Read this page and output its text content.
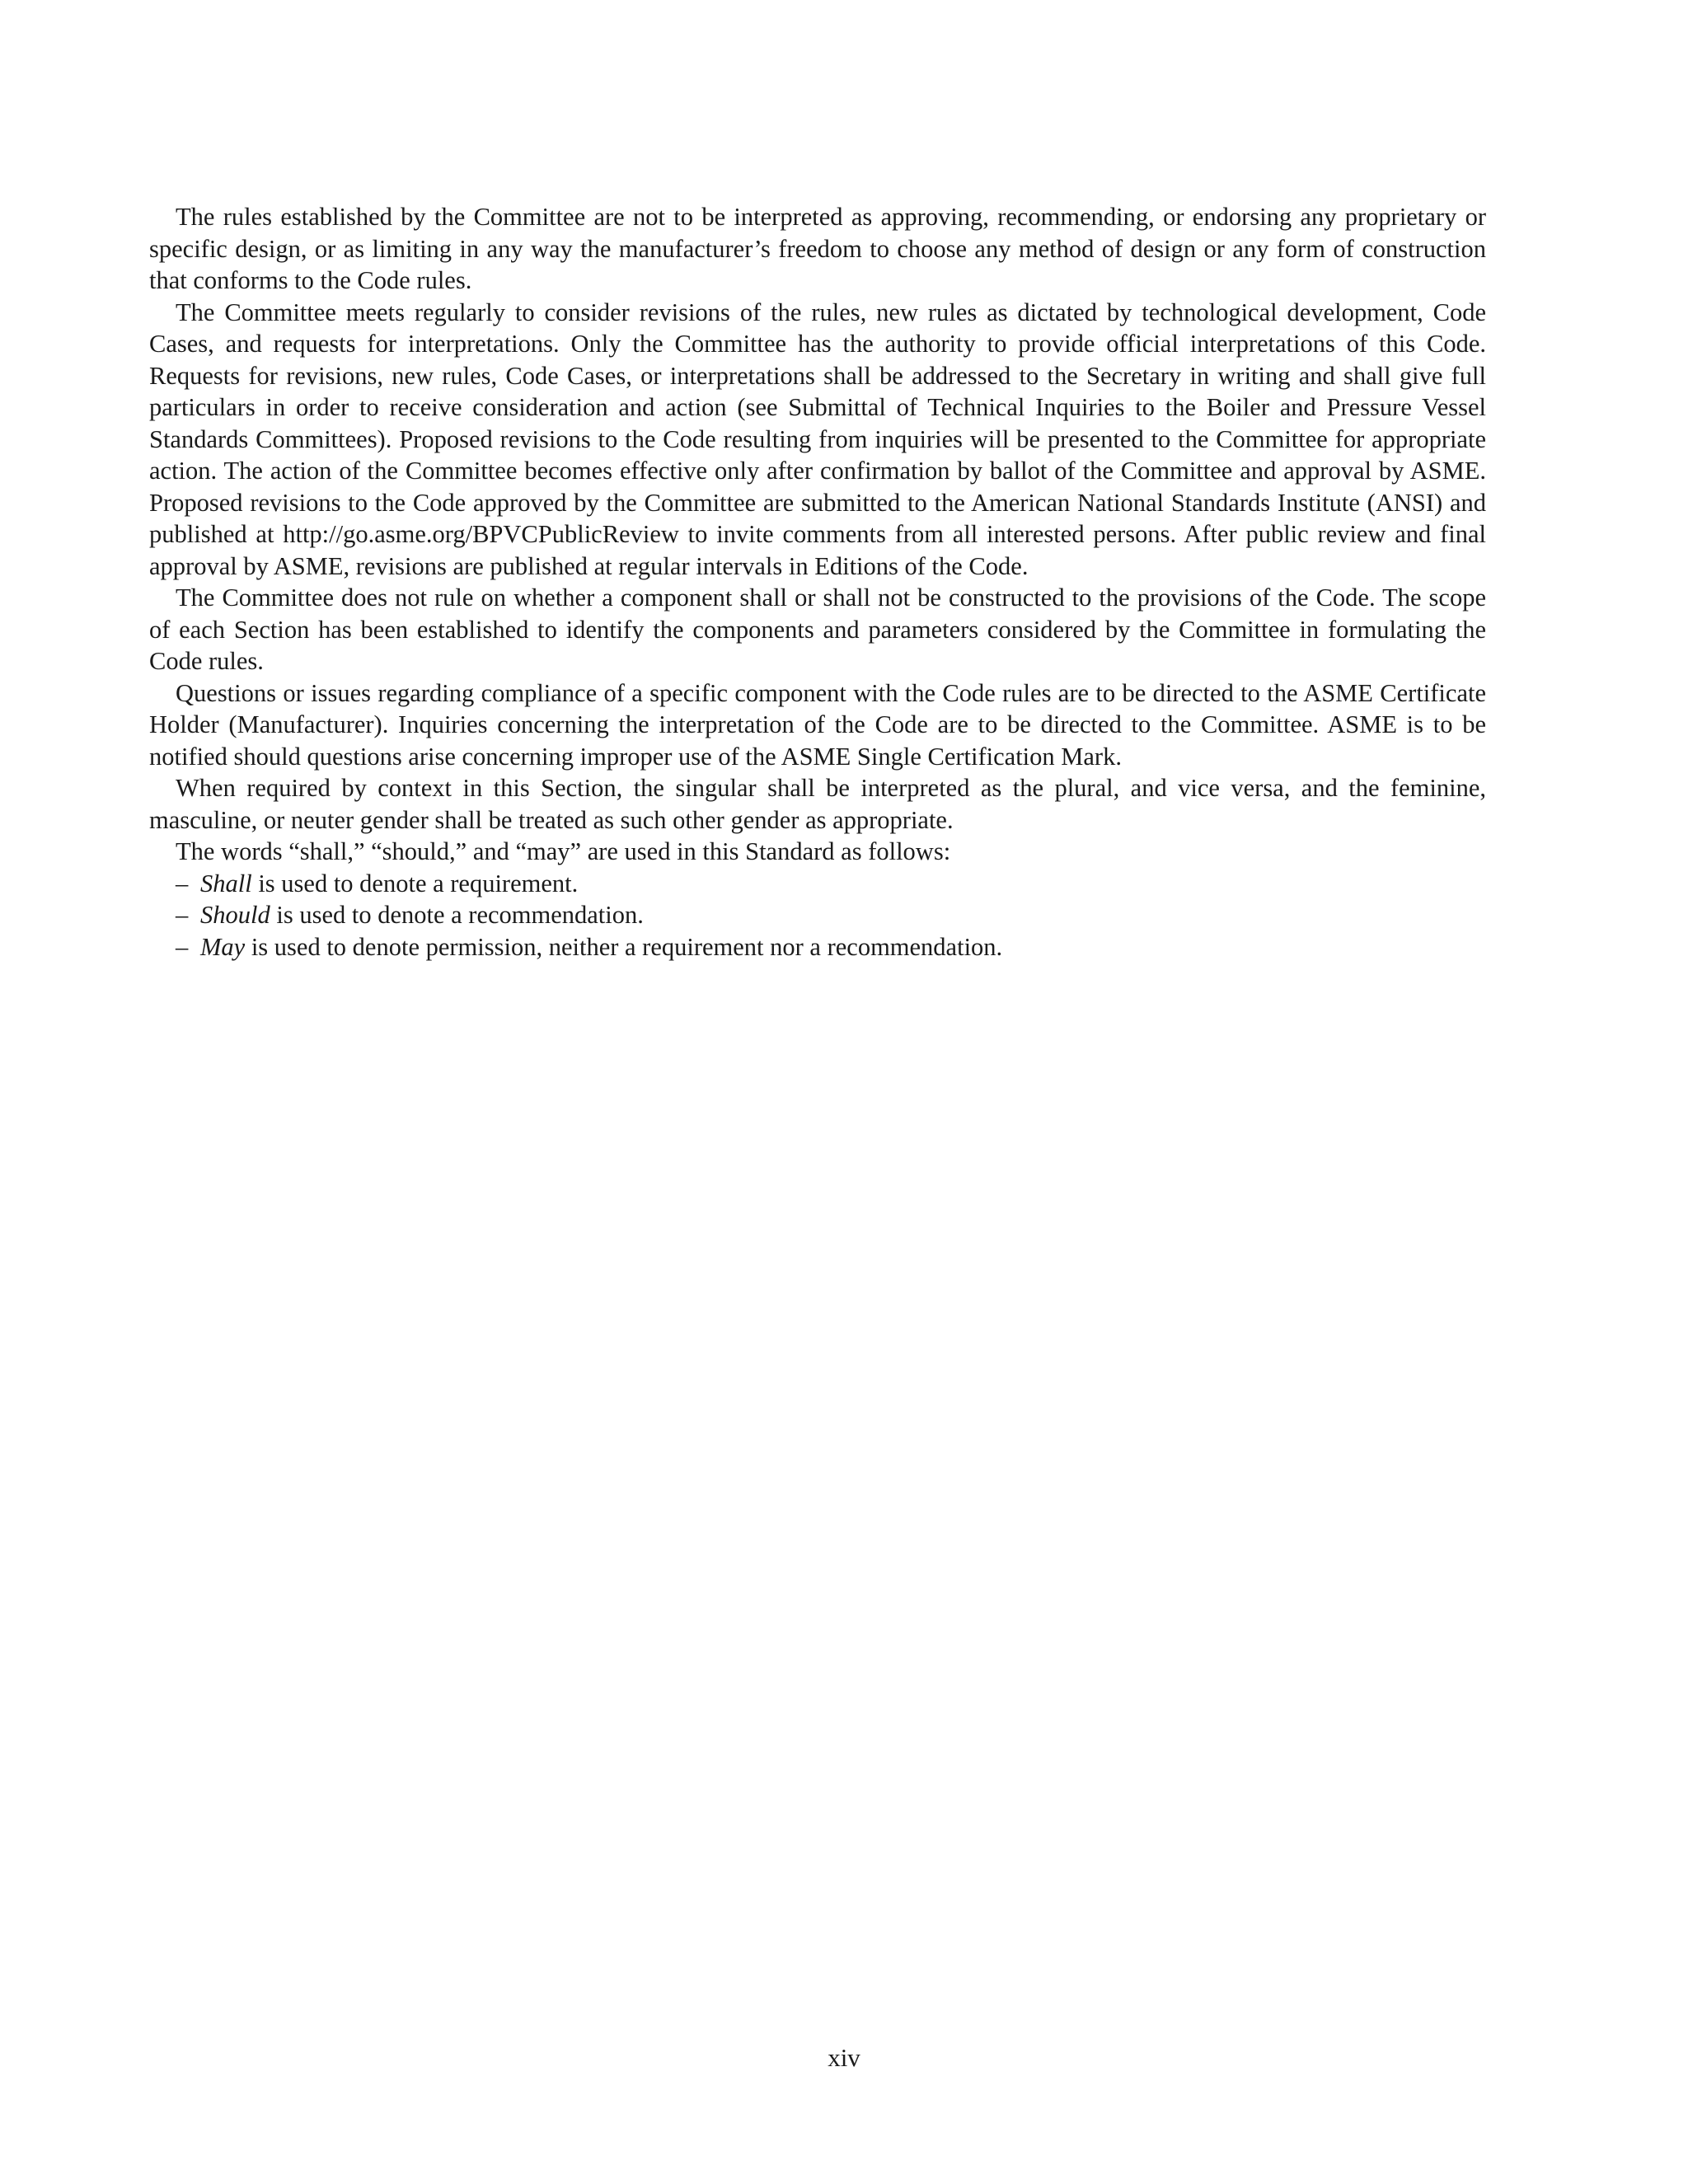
The rules established by the Committee are not to be interpreted as approving, recommending, or endorsing any proprietary or specific design, or as limiting in any way the manufacturer’s freedom to choose any method of design or any form of construction that conforms to the Code rules.

The Committee meets regularly to consider revisions of the rules, new rules as dictated by technological development, Code Cases, and requests for interpretations. Only the Committee has the authority to provide official interpretations of this Code. Requests for revisions, new rules, Code Cases, or interpretations shall be addressed to the Secretary in writing and shall give full particulars in order to receive consideration and action (see Submittal of Technical Inquiries to the Boiler and Pressure Vessel Standards Committees). Proposed revisions to the Code resulting from inquiries will be presented to the Committee for appropriate action. The action of the Committee becomes effective only after confirmation by ballot of the Committee and approval by ASME. Proposed revisions to the Code approved by the Committee are submitted to the American National Standards Institute (ANSI) and published at http://go.asme.org/BPVCPublicReview to invite comments from all interested persons. After public review and final approval by ASME, revisions are published at regular intervals in Editions of the Code.

The Committee does not rule on whether a component shall or shall not be constructed to the provisions of the Code. The scope of each Section has been established to identify the components and parameters considered by the Committee in formulating the Code rules.

Questions or issues regarding compliance of a specific component with the Code rules are to be directed to the ASME Certificate Holder (Manufacturer). Inquiries concerning the interpretation of the Code are to be directed to the Committee. ASME is to be notified should questions arise concerning improper use of the ASME Single Certification Mark.

When required by context in this Section, the singular shall be interpreted as the plural, and vice versa, and the feminine, masculine, or neuter gender shall be treated as such other gender as appropriate.

The words “shall,” “should,” and “may” are used in this Standard as follows:

– Shall is used to denote a requirement.
– Should is used to denote a recommendation.
– May is used to denote permission, neither a requirement nor a recommendation.
xiv
